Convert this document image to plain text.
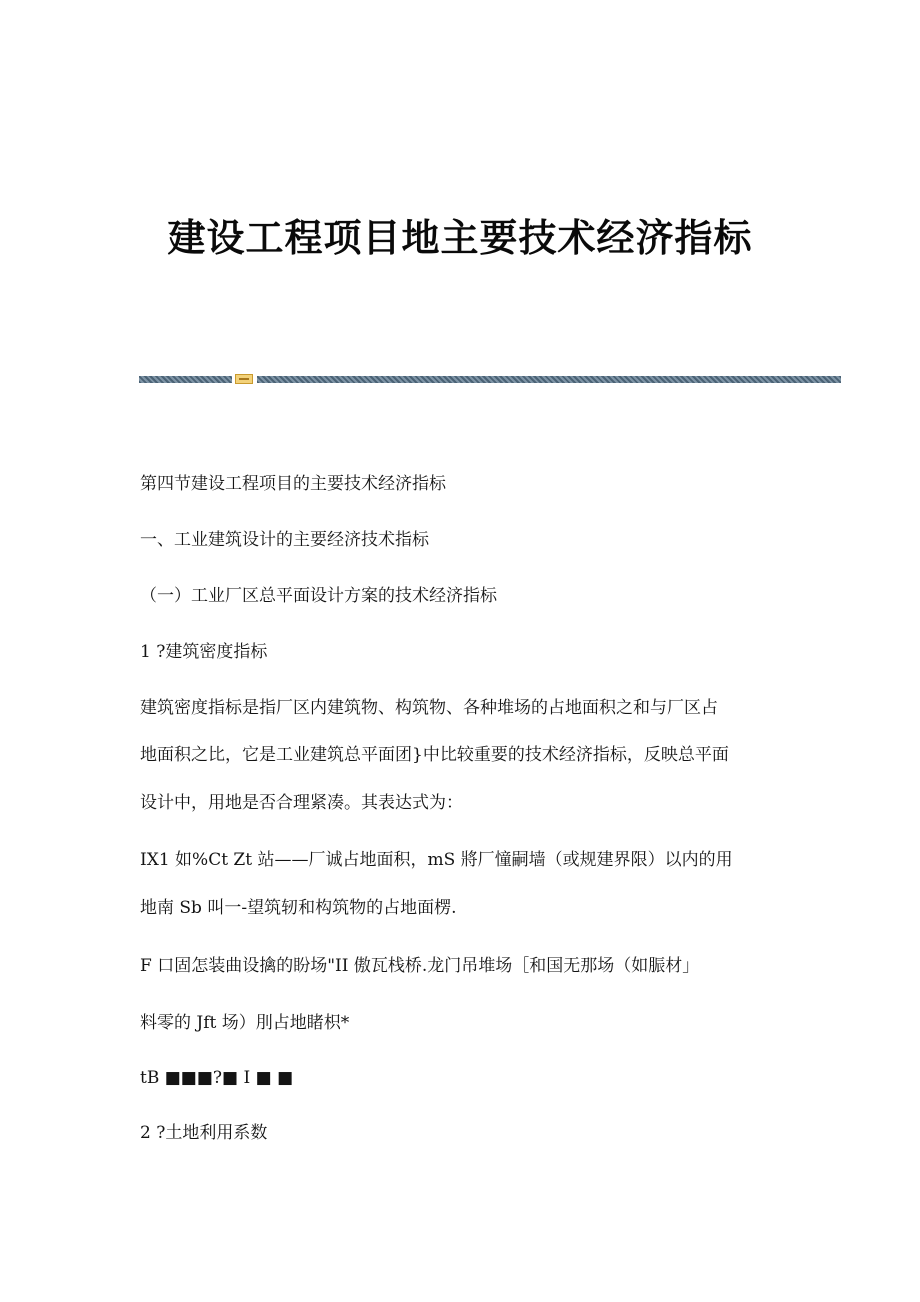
建设工程项目地主要技术经济指标
第四节建设工程项目的主要技术经济指标
一、工业建筑设计的主要经济技术指标
（一）工业厂区总平面设计方案的技术经济指标
1 ?建筑密度指标
建筑密度指标是指厂区内建筑物、构筑物、各种堆场的占地面积之和与厂区占
地面积之比，它是工业建筑总平面团}中比较重要的技术经济指标，反映总平面
设计中，用地是否合理紧凑。其表达式为：
IX1 如%Ct Zt 站——厂诚占地面积，mS 將厂憧嗣墙（或规建界限）以内的用
地南 Sb 叫一-望筑轫和构筑物的占地面楞.
F 口固怎装曲设擒的盼场"II 傲瓦栈桥.龙门吊堆场［和国无那场（如脤材」
料零的 Jft 场）刖占地睹枳*
tB ■■■?■ I ■ ■
2 ?土地利用系数
